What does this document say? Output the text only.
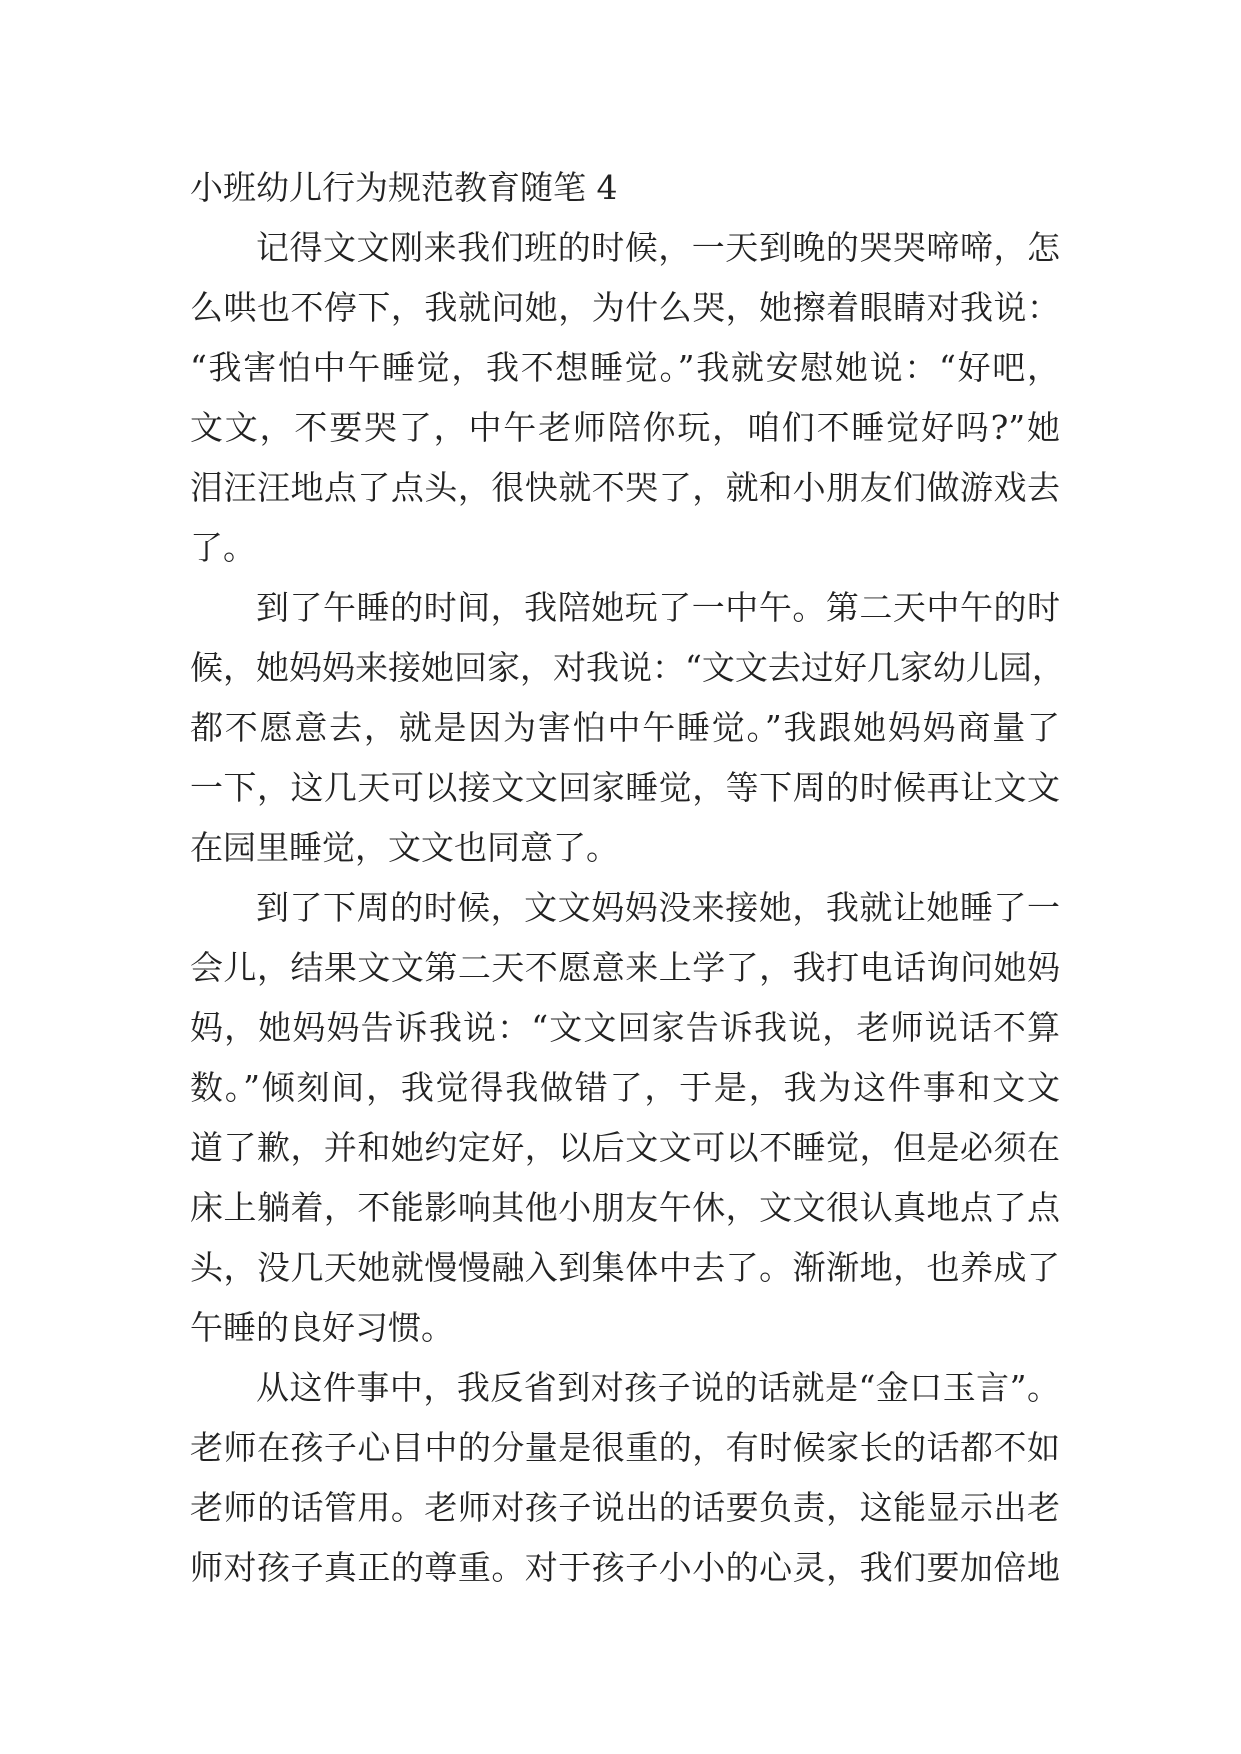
小班幼儿行为规范教育随笔 4
记得文文刚来我们班的时候，一天到晚的哭哭啼啼，怎
么哄也不停下，我就问她，为什么哭，她擦着眼睛对我说：
“我害怕中午睡觉，我不想睡觉。”我就安慰她说：“好吧，
文文，不要哭了，中午老师陪你玩，咱们不睡觉好吗?”她
泪汪汪地点了点头，很快就不哭了，就和小朋友们做游戏去
了。
到了午睡的时间，我陪她玩了一中午。第二天中午的时
候，她妈妈来接她回家，对我说：“文文去过好几家幼儿园，
都不愿意去，就是因为害怕中午睡觉。”我跟她妈妈商量了
一下，这几天可以接文文回家睡觉，等下周的时候再让文文
在园里睡觉，文文也同意了。
到了下周的时候，文文妈妈没来接她，我就让她睡了一
会儿，结果文文第二天不愿意来上学了，我打电话询问她妈
妈，她妈妈告诉我说：“文文回家告诉我说，老师说话不算
数。”倾刻间，我觉得我做错了，于是，我为这件事和文文
道了歉，并和她约定好，以后文文可以不睡觉，但是必须在
床上躺着，不能影响其他小朋友午休，文文很认真地点了点
头，没几天她就慢慢融入到集体中去了。渐渐地，也养成了
午睡的良好习惯。
从这件事中，我反省到对孩子说的话就是“金口玉言”。
老师在孩子心目中的分量是很重的，有时候家长的话都不如
老师的话管用。老师对孩子说出的话要负责，这能显示出老
师对孩子真正的尊重。对于孩子小小的心灵，我们要加倍地
